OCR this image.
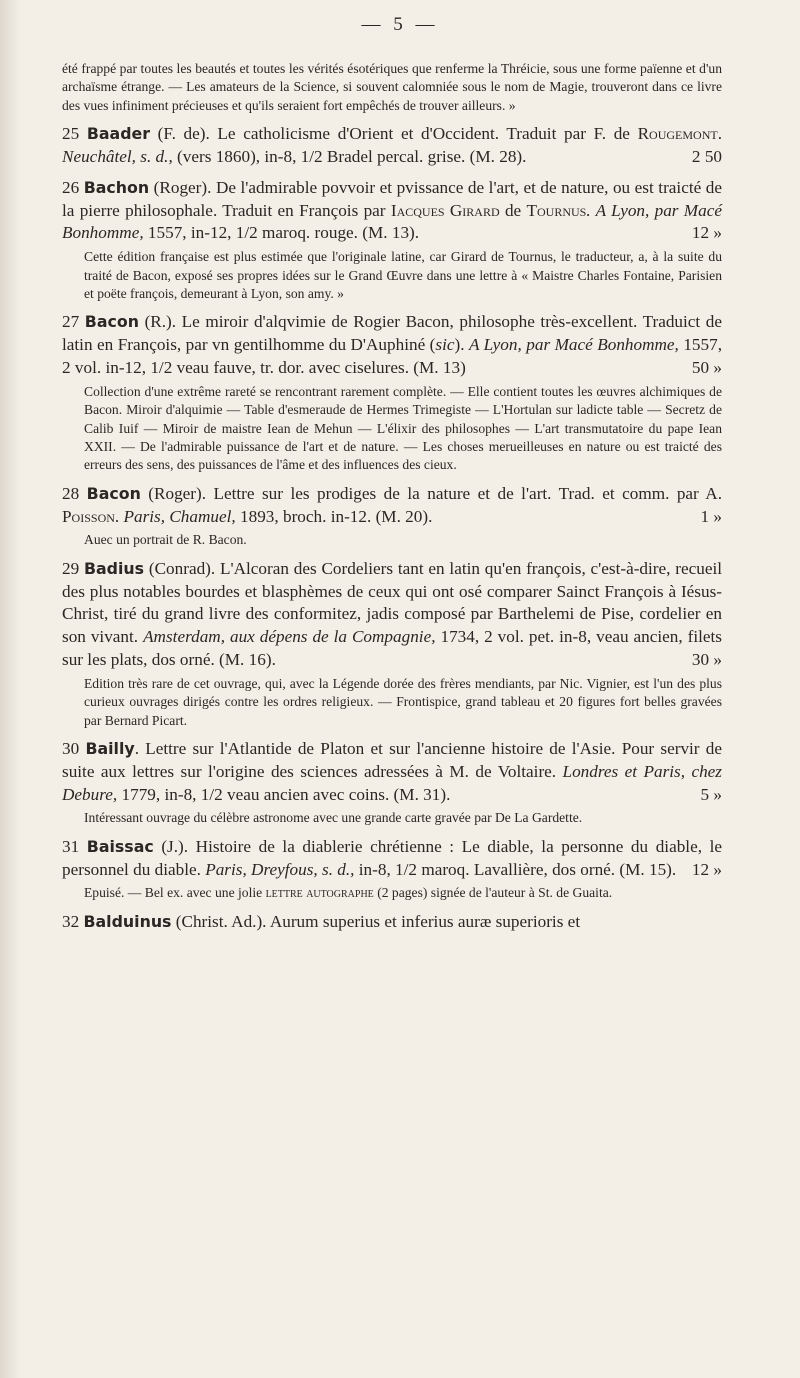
— 5 —
été frappé par toutes les beautés et toutes les vérités ésotériques que renferme la Thréicie, sous une forme païenne et d'un archaïsme étrange. — Les amateurs de la Science, si souvent calomniée sous le nom de Magie, trouveront dans ce livre des vues infiniment précieuses et qu'ils seraient fort empêchés de trouver ailleurs. »
25 Baader (F. de). Le catholicisme d'Orient et d'Occident. Traduit par F. de Rougemont. Neuchâtel, s. d., (vers 1860), in-8, 1/2 Bradel percal. grise. (M. 28).	2 50
26 Bachon (Roger). De l'admirable povvoir et pvissance de l'art, et de nature, ou est traicté de la pierre philosophale. Traduit en François par Iacques Girard de Tournus. A Lyon, par Macé Bonhomme, 1557, in-12, 1/2 maroq. rouge. (M. 13).	12 »
Cette édition française est plus estimée que l'originale latine, car Girard de Tournus, le traducteur, a, à la suite du traité de Bacon, exposé ses propres idées sur le Grand Œuvre dans une lettre à « Maistre Charles Fontaine, Parisien et poëte françois, demeurant à Lyon, son amy. »
27 Bacon (R.). Le miroir d'alqvimie de Rogier Bacon, philosophe très-excellent. Traduict de latin en François, par vn gentilhomme du D'Auphiné (sic). A Lyon, par Macé Bonhomme, 1557, 2 vol. in-12, 1/2 veau fauve, tr. dor. avec ciselures. (M. 13)	50 »
Collection d'une extrême rareté se rencontrant rarement complète. — Elle contient toutes les œuvres alchimiques de Bacon. Miroir d'alquimie — Table d'esmeraude de Hermes Trimegiste — L'Hortulan sur ladicte table — Secretz de Calib Iuif — Miroir de maistre Iean de Mehun — L'élixir des philosophes — L'art transmutatoire du pape Iean XXII. — De l'admirable puissance de l'art et de nature. — Les choses merueilleuses en nature ou est traicté des erreurs des sens, des puissances de l'âme et des influences des cieux.
28 Bacon (Roger). Lettre sur les prodiges de la nature et de l'art. Trad. et comm. par A. Poisson. Paris, Chamuel, 1893, broch. in-12. (M. 20).	1 »
Auec un portrait de R. Bacon.
29 Badius (Conrad). L'Alcoran des Cordeliers tant en latin qu'en françois, c'est-à-dire, recueil des plus notables bourdes et blasphèmes de ceux qui ont osé comparer Sainct François à Iésus-Christ, tiré du grand livre des conformitez, jadis composé par Barthelemi de Pise, cordelier en son vivant. Amsterdam, aux dépens de la Compagnie, 1734, 2 vol. pet. in-8, veau ancien, filets sur les plats, dos orné. (M. 16).	30 »
Edition très rare de cet ouvrage, qui, avec la Légende dorée des frères mendiants, par Nic. Vignier, est l'un des plus curieux ouvrages dirigés contre les ordres religieux. — Frontispice, grand tableau et 20 figures fort belles gravées par Bernard Picart.
30 Bailly. Lettre sur l'Atlantide de Platon et sur l'ancienne histoire de l'Asie. Pour servir de suite aux lettres sur l'origine des sciences adressées à M. de Voltaire. Londres et Paris, chez Debure, 1779, in-8, 1/2 veau ancien avec coins. (M. 31).	5 »
Intéressant ouvrage du célèbre astronome avec une grande carte gravée par De La Gardette.
31 Baissac (J.). Histoire de la diablerie chrétienne : Le diable, la personne du diable, le personnel du diable. Paris, Dreyfous, s. d., in-8, 1/2 maroq. Lavallière, dos orné. (M. 15). 12 »
Epuisé. — Bel ex. avec une jolie lettre autographe (2 pages) signée de l'auteur à St. de Guaita.
32 Balduinus (Christ. Ad.). Aurum superius et inferius auræ superioris et
